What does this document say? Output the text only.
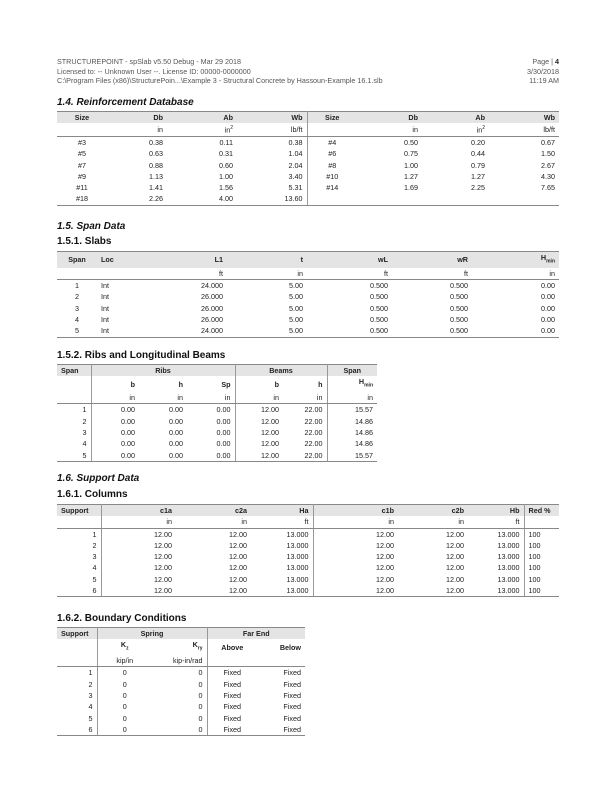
STRUCTUREPOINT - spSlab v5.50 Debug - Mar 29 2018	Page | 4
Licensed to: -- Unknown User --. License ID: 00000-0000000	3/30/2018
C:\Program Files (x86)\StructurePoin...\Example 3 - Structural Concrete by Hassoun-Example 16.1.slb	11:19 AM
1.4. Reinforcement Database
Size	Db	Ab	Wb	Size	Db	Ab	Wb
	in	$in^2$	lb/ft		in	$in^2$	lb/ft
#3	0.38	0.11	0.38	#4	0.50	0.20	0.67
#5	0.63	0.31	1.04	#6	0.75	0.44	1.50
#7	0.88	0.60	2.04	#8	1.00	0.79	2.67
#9	1.13	1.00	3.40	#10	1.27	1.27	4.30
#11	1.41	1.56	5.31	#14	1.69	2.25	7.65
#18	2.26	4.00	13.60				
1.5. Span Data
1.5.1. Slabs
Span	Loc	L1	t	wL	wR	$H_{min}$
		ft	in	ft	ft	in
1	Int	24.000	5.00	0.500	0.500	0.00
2	Int	26.000	5.00	0.500	0.500	0.00
3	Int	26.000	5.00	0.500	0.500	0.00
4	Int	26.000	5.00	0.500	0.500	0.00
5	Int	24.000	5.00	0.500	0.500	0.00
1.5.2. Ribs and Longitudinal Beams
Span	Ribs			Beams		Span
	b	h	Sp	b	h	$H_{min}$
	in	in	in	in	in	in
1	0.00	0.00	0.00	12.00	22.00	15.57
2	0.00	0.00	0.00	12.00	22.00	14.86
3	0.00	0.00	0.00	12.00	22.00	14.86
4	0.00	0.00	0.00	12.00	22.00	14.86
5	0.00	0.00	0.00	12.00	22.00	15.57
1.6. Support Data
1.6.1. Columns
Support	c1a	c2a	Ha	c1b	c2b	Hb	Red %
	in	in	ft	in	in	ft	
1	12.00	12.00	13.000	12.00	12.00	13.000	100
2	12.00	12.00	13.000	12.00	12.00	13.000	100
3	12.00	12.00	13.000	12.00	12.00	13.000	100
4	12.00	12.00	13.000	12.00	12.00	13.000	100
5	12.00	12.00	13.000	12.00	12.00	13.000	100
6	12.00	12.00	13.000	12.00	12.00	13.000	100
1.6.2. Boundary Conditions
Support	Spring		Far End	
	$K_z$	$K_{ry}$	Above	Below
	kip/in	kip-in/rad		
1	0	0	Fixed	Fixed
2	0	0	Fixed	Fixed
3	0	0	Fixed	Fixed
4	0	0	Fixed	Fixed
5	0	0	Fixed	Fixed
6	0	0	Fixed	Fixed
